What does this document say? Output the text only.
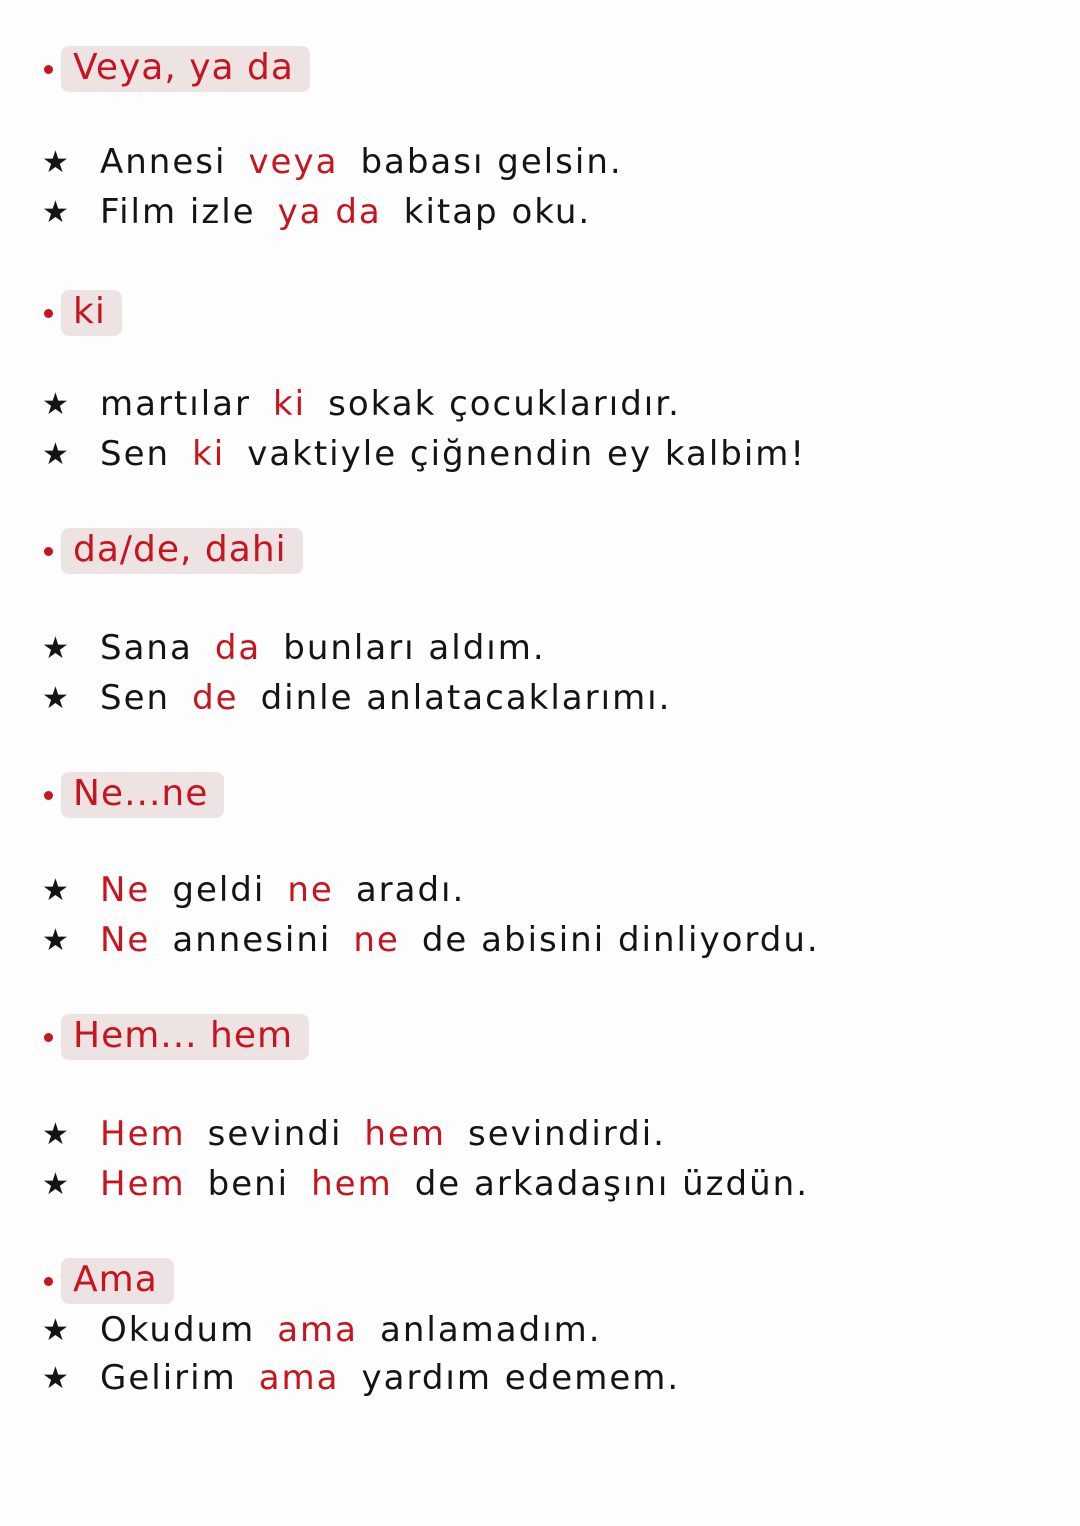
Veya, ya da
★ Annesi veya babası gelsin.
★ Film izle ya da kitap oku.
ki
★ martılar ki sokak çocuklarıdır.
★ Sen ki vaktiyle çiğnendin ey kalbim!
da/de, dahi
★ Sana da bunları aldım.
★ Sen de dinle anlatacaklarımı.
Ne...ne
★ Ne geldi ne aradı.
★ Ne annesini ne de abisini dinliyordu.
Hem... hem
★ Hem sevindi hem sevindirdi.
★ Hem beni hem de arkadaşını üzdün.
Ama
★ Okudum ama anlamadım.
★ Gelirim ama yardım edemem.
